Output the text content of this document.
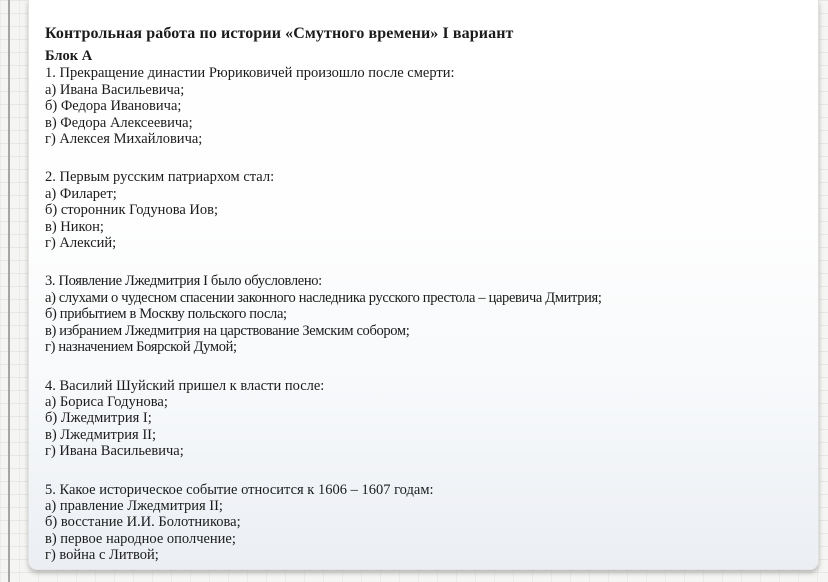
Контрольная работа по истории «Смутного времени» I вариант
Блок А
1. Прекращение династии Рюриковичей произошло после смерти:
а) Ивана Васильевича;
б) Федора Ивановича;
в) Федора Алексеевича;
г) Алексея Михайловича;
2. Первым русским патриархом стал:
а) Филарет;
б) сторонник Годунова Иов;
в) Никон;
г) Алексий;
3. Появление Лжедмитрия I было обусловлено:
а) слухами о чудесном спасении законного наследника русского престола – царевича Дмитрия;
б) прибытием в Москву польского посла;
в) избранием Лжедмитрия на царствование Земским собором;
г) назначением Боярской Думой;
4. Василий Шуйский пришел к власти после:
а) Бориса Годунова;
б) Лжедмитрия I;
в) Лжедмитрия II;
г) Ивана Васильевича;
5. Какое историческое событие относится к 1606 – 1607 годам:
а) правление Лжедмитрия II;
б) восстание И.И. Болотникова;
в) первое народное ополчение;
г) война с Литвой;
